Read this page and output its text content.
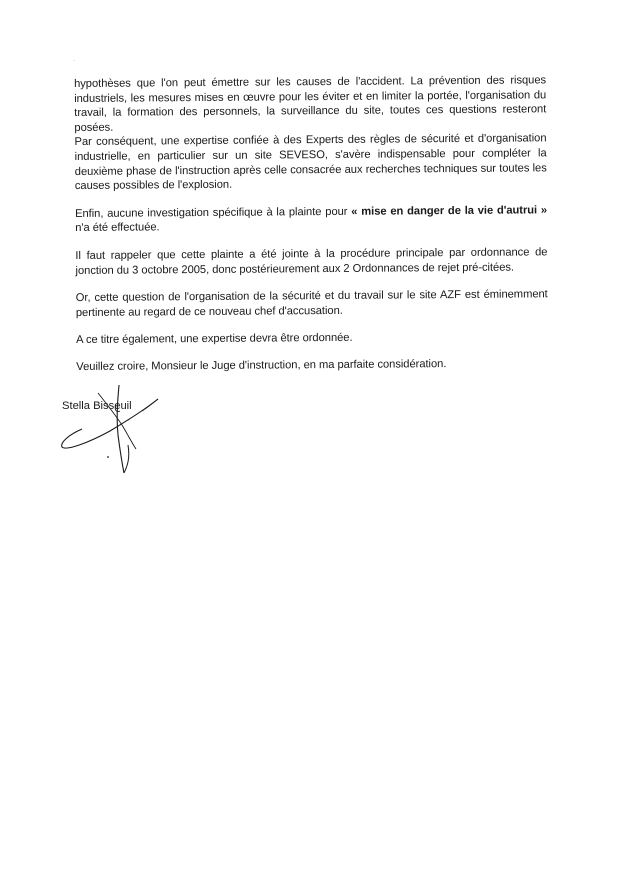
·

hypothèses que l'on peut émettre sur les causes de l'accident. La prévention des risques industriels, les mesures mises en œuvre pour les éviter et en limiter la portée, l'organisation du travail, la formation des personnels, la surveillance du site, toutes ces questions resteront posées.

Par conséquent, une expertise confiée à des Experts des règles de sécurité et d'organisation industrielle, en particulier sur un site SEVESO, s'avère indispensable pour compléter la deuxième phase de l'instruction après celle consacrée aux recherches techniques sur toutes les causes possibles de l'explosion.

Enfin, aucune investigation spécifique à la plainte pour « mise en danger de la vie d'autrui » n'a été effectuée.

Il faut rappeler que cette plainte a été jointe à la procédure principale par ordonnance de jonction du 3 octobre 2005, donc postérieurement aux 2 Ordonnances de rejet pré-citées.

Or, cette question de l'organisation de la sécurité et du travail sur le site AZF est éminemment pertinente au regard de ce nouveau chef d'accusation.

A ce titre également, une expertise devra être ordonnée.

Veuillez croire, Monsieur le Juge d'instruction, en ma parfaite considération.

Stella Bisseuil
